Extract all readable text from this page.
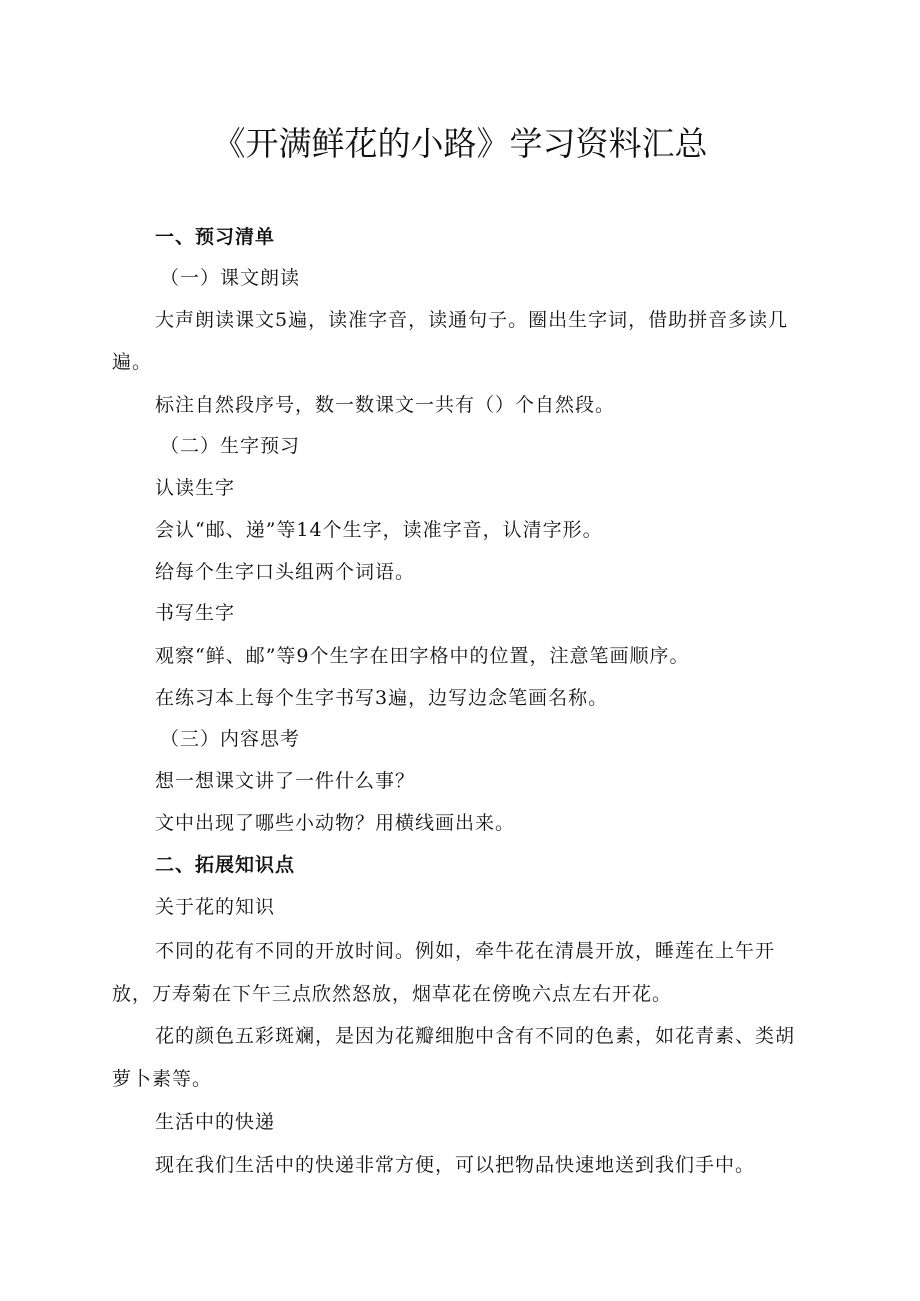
《开满鲜花的小路》学习资料汇总
一、预习清单
（一）课文朗读
大声朗读课文5遍，读准字音，读通句子。圈出生字词，借助拼音多读几
遍。
标注自然段序号，数一数课文一共有（）个自然段。
（二）生字预习
认读生字
会认“邮、递”等14个生字，读准字音，认清字形。
给每个生字口头组两个词语。
书写生字
观察“鲜、邮”等9个生字在田字格中的位置，注意笔画顺序。
在练习本上每个生字书写3遍，边写边念笔画名称。
（三）内容思考
想一想课文讲了一件什么事？
文中出现了哪些小动物？用横线画出来。
二、拓展知识点
关于花的知识
不同的花有不同的开放时间。例如，牵牛花在清晨开放，睡莲在上午开
放，万寿菊在下午三点欣然怒放，烟草花在傍晚六点左右开花。
花的颜色五彩斑斓，是因为花瓣细胞中含有不同的色素，如花青素、类胡
萝卜素等。
生活中的快递
现在我们生活中的快递非常方便，可以把物品快速地送到我们手中。
